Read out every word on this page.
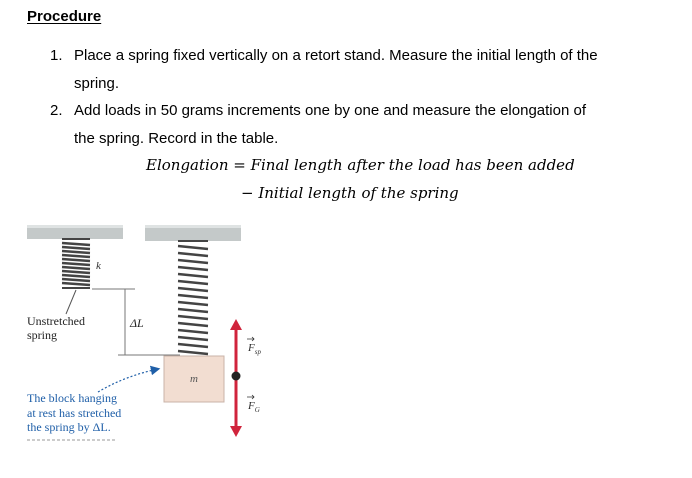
Procedure
1. Place a spring fixed vertically on a retort stand. Measure the initial length of the
spring.
2. Add loads in 50 grams increments one by one and measure the elongation of
the spring. Record in the table.
Elongation = Final length after the load has been added
− Initial length of the spring
k
ΔL
m
$F_{sp}$
$F_G$
Unstretched
spring
The block hanging
at rest has stretched
the spring by ΔL.
